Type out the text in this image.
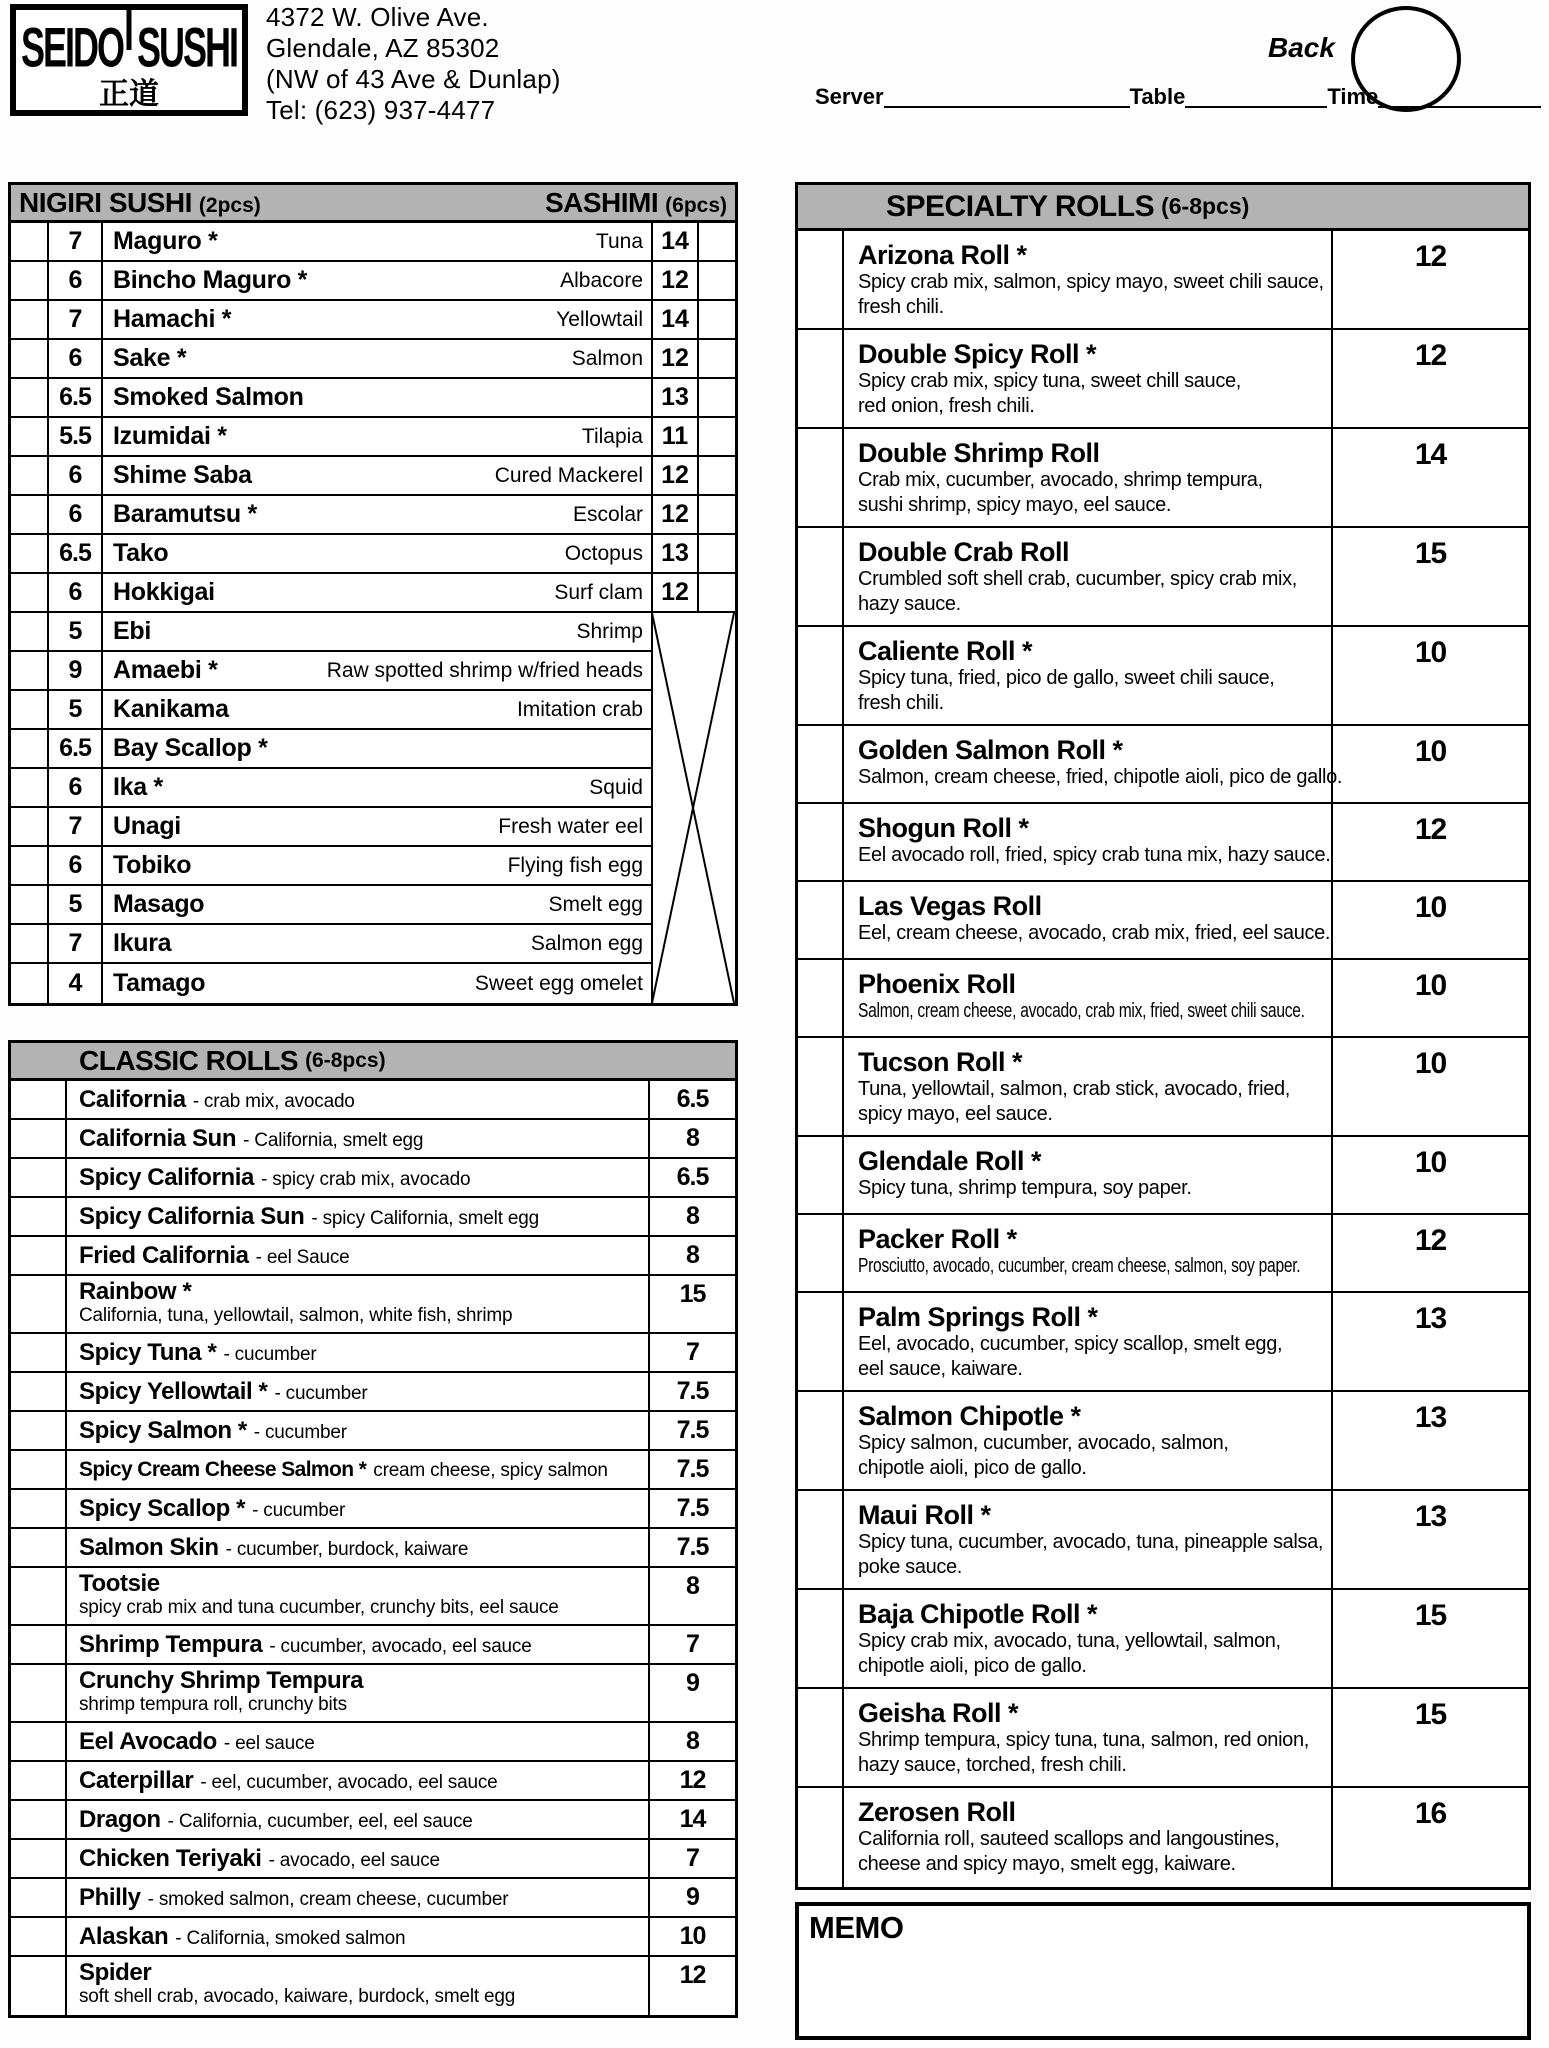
SEIDO SUSHI
正道
4372 W. Olive Ave.
Glendale, AZ 85302
(NW of 43 Ave & Dunlap)
Tel: (623) 937-4477
Back
Server	Table	Time
NIGIRI SUSHI (2pcs)	SASHIMI (6pcs)
7	Maguro *	Tuna 14
6	Bincho Maguro *	Albacore 12
7	Hamachi *	Yellowtail 14
6	Sake *	Salmon 12
6.5 Smoked Salmon	13
5.5 Izumidai *	Tilapia 11
6	Shime Saba	Cured Mackerel 12
6	Baramutsu *	Escolar 12
6.5 Tako	Octopus 13
6	Hokkigai	Surf clam 12
5	Ebi	Shrimp
9	Amaebi *	Raw spotted shrimp w/fried heads
5	Kanikama	Imitation crab
6.5 Bay Scallop *
6	Ika *	Squid
7	Unagi	Fresh water eel
6	Tobiko	Flying fish egg
5	Masago	Smelt egg
7	Ikura	Salmon egg
4	Tamago	Sweet egg omelet
CLASSIC ROLLS (6-8pcs)
California - crab mix, avocado	6.5
California Sun - California, smelt egg	8
Spicy California - spicy crab mix, avocado	6.5
Spicy California Sun - spicy California, smelt egg	8
Fried California - eel Sauce	8
Rainbow *
California, tuna, yellowtail, salmon, white fish, shrimp
15
Spicy Tuna * - cucumber	7
Spicy Yellowtail * - cucumber	7.5
Spicy Salmon * - cucumber	7.5
Spicy Cream Cheese Salmon * cream cheese, spicy salmon	7.5
Spicy Scallop * - cucumber	7.5
Salmon Skin - cucumber, burdock, kaiware	7.5
Tootsie
spicy crab mix and tuna cucumber, crunchy bits, eel sauce
8
Shrimp Tempura - cucumber, avocado, eel sauce	7
Crunchy Shrimp Tempura
shrimp tempura roll, crunchy bits
9
Eel Avocado - eel sauce	8
Caterpillar - eel, cucumber, avocado, eel sauce	12
Dragon - California, cucumber, eel, eel sauce	14
Chicken Teriyaki - avocado, eel sauce	7
Philly - smoked salmon, cream cheese, cucumber	9
Alaskan - California, smoked salmon	10
Spider
soft shell crab, avocado, kaiware, burdock, smelt egg
12
SPECIALTY ROLLS (6-8pcs)
Arizona Roll *
Spicy crab mix, salmon, spicy mayo, sweet chili sauce,
fresh chili.
12
Double Spicy Roll *
Spicy crab mix, spicy tuna, sweet chill sauce,
red onion, fresh chili.
12
Double Shrimp Roll
Crab mix, cucumber, avocado, shrimp tempura,
sushi shrimp, spicy mayo, eel sauce.
14
Double Crab Roll
Crumbled soft shell crab, cucumber, spicy crab mix,
hazy sauce.
15
Caliente Roll *
Spicy tuna, fried, pico de gallo, sweet chili sauce,
fresh chili.
10
Golden Salmon Roll *
Salmon, cream cheese, fried, chipotle aioli, pico de gallo.
10
Shogun Roll *
Eel avocado roll, fried, spicy crab tuna mix, hazy sauce.
12
Las Vegas Roll
Eel, cream cheese, avocado, crab mix, fried, eel sauce.
10
Phoenix Roll
Salmon, cream cheese, avocado, crab mix, fried, sweet chili sauce.
10
Tucson Roll *
Tuna, yellowtail, salmon, crab stick, avocado, fried,
spicy mayo, eel sauce.
10
Glendale Roll *
Spicy tuna, shrimp tempura, soy paper.
10
Packer Roll *
Prosciutto, avocado, cucumber, cream cheese, salmon, soy paper.
12
Palm Springs Roll *
Eel, avocado, cucumber, spicy scallop, smelt egg,
eel sauce, kaiware.
13
Salmon Chipotle *
Spicy salmon, cucumber, avocado, salmon,
chipotle aioli, pico de gallo.
13
Maui Roll *
Spicy tuna, cucumber, avocado, tuna, pineapple salsa,
poke sauce.
13
Baja Chipotle Roll *
Spicy crab mix, avocado, tuna, yellowtail, salmon,
chipotle aioli, pico de gallo.
15
Geisha Roll *
Shrimp tempura, spicy tuna, tuna, salmon, red onion,
hazy sauce, torched, fresh chili.
15
Zerosen Roll
California roll, sauteed scallops and langoustines,
cheese and spicy mayo, smelt egg, kaiware.
16
MEMO
